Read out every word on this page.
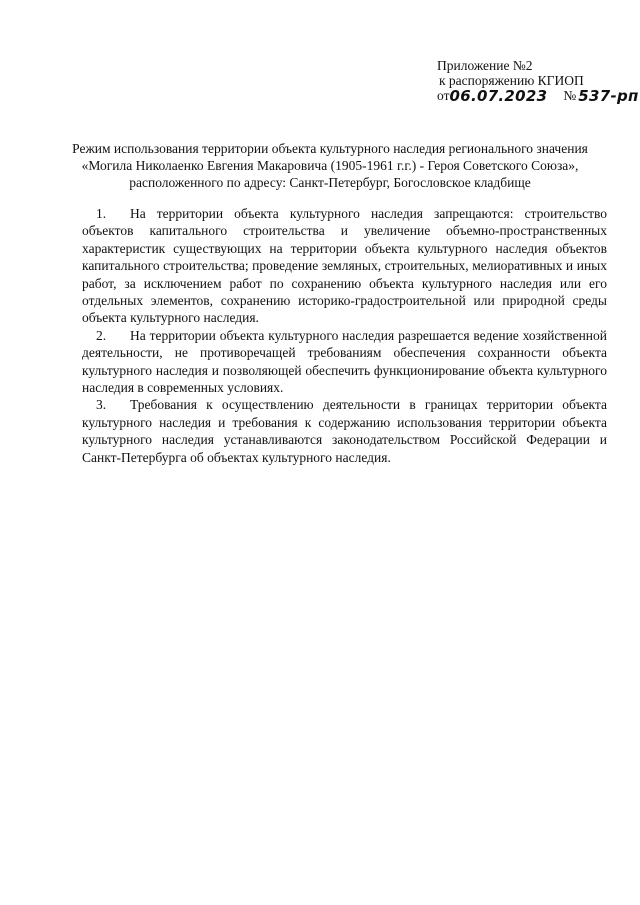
Приложение №2
к распоряжению КГИОП
от06.07.2023 № 537-рп
Режим использования территории объекта культурного наследия регионального значения
«Могила Николаенко Евгения Макаровича (1905-1961 г.г.) - Героя Советского Союза»,
расположенного по адресу: Санкт-Петербург, Богословское кладбище

1. На территории объекта культурного наследия запрещаются: строительство объектов капитального строительства и увеличение объемно-пространственных характеристик существующих на территории объекта культурного наследия объектов капитального строительства; проведение земляных, строительных, мелиоративных и иных работ, за исключением работ по сохранению объекта культурного наследия или его отдельных элементов, сохранению историко-градостроительной или природной среды объекта культурного наследия.

2. На территории объекта культурного наследия разрешается ведение хозяйственной деятельности, не противоречащей требованиям обеспечения сохранности объекта культурного наследия и позволяющей обеспечить функционирование объекта культурного наследия в современных условиях.

3. Требования к осуществлению деятельности в границах территории объекта культурного наследия и требования к содержанию использования территории объекта культурного наследия устанавливаются законодательством Российской Федерации и Санкт-Петербурга об объектах культурного наследия.
